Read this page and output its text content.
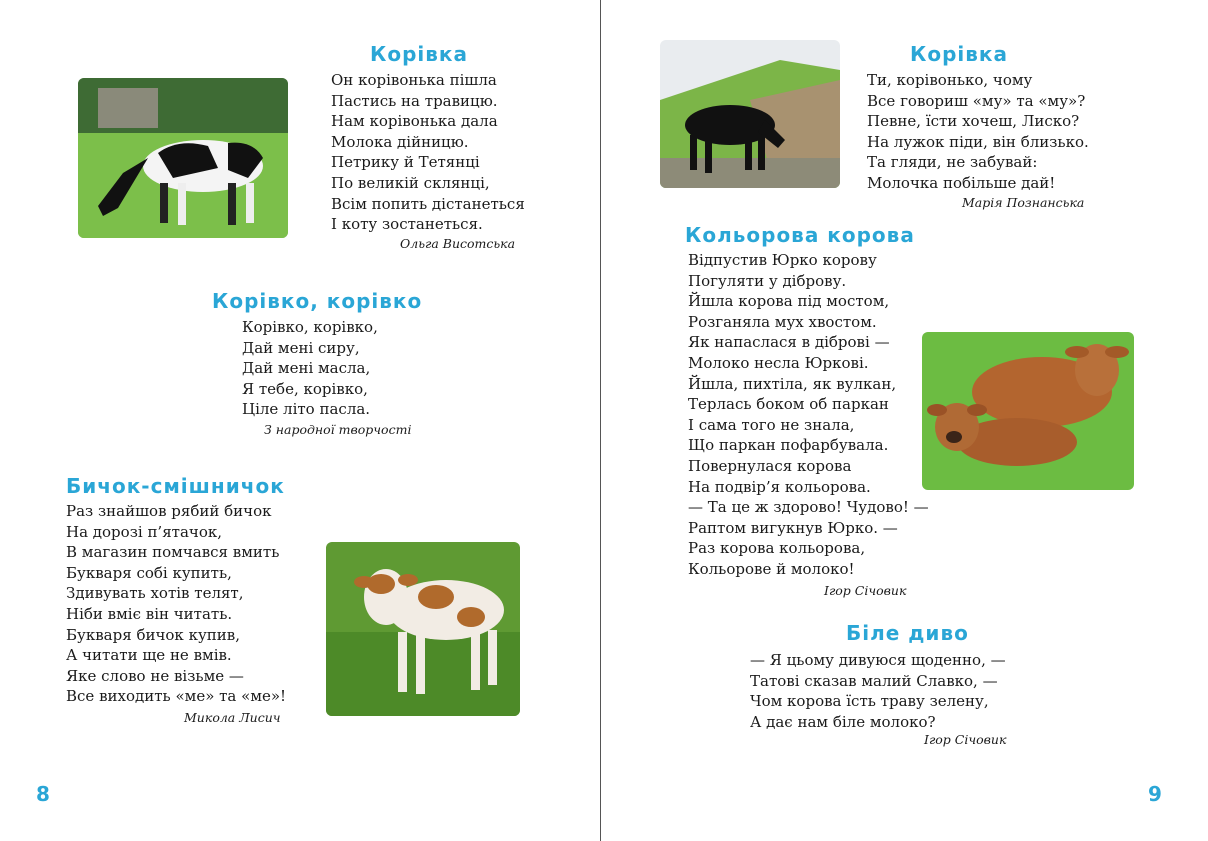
Корівка
Он корівонька пішла
Пастись на травицю.
Нам корівонька дала
Молока дійницю.
Петрику й Тетянці
По великій склянці,
Всім попить дістанеться
І коту зостанеться.
Ольга Висотська
Корівко, корівко
Корівко, корівко,
Дай мені сиру,
Дай мені масла,
Я тебе, корівко,
Ціле літо пасла.
З народної творчості
Бичок-смішничок
Раз знайшов рябий бичок
На дорозі п’ятачок,
В магазин помчався вмить
Букваря собі купить,
Здивувать хотів телят,
Ніби вміє він читать.
Букваря бичок купив,
А читати ще не вмів.
Яке слово не візьме —
Все виходить «ме» та «ме»!
Микола Лисич
8
Корівка
Ти, корівонько, чому
Все говориш «му» та «му»?
Певне, їсти хочеш, Лиско?
На лужок піди, він близько.
Та гляди, не забувай:
Молочка побільше дай!
Марія Познанська
Кольорова корова
Відпустив Юрко корову
Погуляти у діброву.
Йшла корова під мостом,
Розганяла мух хвостом.
Як напаслася в діброві —
Молоко несла Юркові.
Йшла, пихтіла, як вулкан,
Терлась боком об паркан
І сама того не знала,
Що паркан пофарбувала.
Повернулася корова
На подвір’я кольорова.
— Та це ж здорово! Чудово! —
Раптом вигукнув Юрко. —
Раз корова кольорова,
Кольорове й молоко!
Ігор Січовик
Біле диво
— Я цьому дивуюся щоденно, —
Татові сказав малий Славко, —
Чом корова їсть траву зелену,
А дає нам біле молоко?
Ігор Січовик
9
